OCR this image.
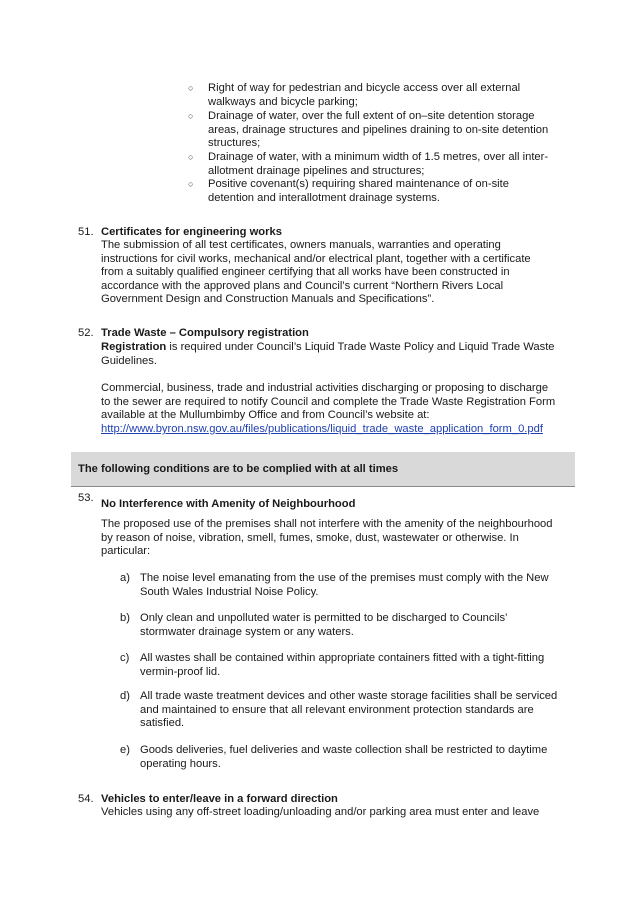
○ Right of way for pedestrian and bicycle access over all external walkways and bicycle parking;
○ Drainage of water, over the full extent of on–site detention storage areas, drainage structures and pipelines draining to on-site detention structures;
○ Drainage of water, with a minimum width of 1.5 metres, over all inter-allotment drainage pipelines and structures;
○ Positive covenant(s) requiring shared maintenance of on-site detention and interallotment drainage systems.
51. Certificates for engineering works
The submission of all test certificates, owners manuals, warranties and operating instructions for civil works, mechanical and/or electrical plant, together with a certificate from a suitably qualified engineer certifying that all works have been constructed in accordance with the approved plans and Council’s current “Northern Rivers Local Government Design and Construction Manuals and Specifications”.
52. Trade Waste – Compulsory registration
Registration is required under Council’s Liquid Trade Waste Policy and Liquid Trade Waste Guidelines.
Commercial, business, trade and industrial activities discharging or proposing to discharge to the sewer are required to notify Council and complete the Trade Waste Registration Form available at the Mullumbimby Office and from Council’s website at:
http://www.byron.nsw.gov.au/files/publications/liquid_trade_waste_application_form_0.pdf
The following conditions are to be complied with at all times
53. No Interference with Amenity of Neighbourhood
The proposed use of the premises shall not interfere with the amenity of the neighbourhood by reason of noise, vibration, smell, fumes, smoke, dust, wastewater or otherwise. In particular:
a) The noise level emanating from the use of the premises must comply with the New South Wales Industrial Noise Policy.
b) Only clean and unpolluted water is permitted to be discharged to Councils’ stormwater drainage system or any waters.
c) All wastes shall be contained within appropriate containers fitted with a tight-fitting vermin-proof lid.
d) All trade waste treatment devices and other waste storage facilities shall be serviced and maintained to ensure that all relevant environment protection standards are satisfied.
e) Goods deliveries, fuel deliveries and waste collection shall be restricted to daytime operating hours.
54. Vehicles to enter/leave in a forward direction
Vehicles using any off-street loading/unloading and/or parking area must enter and leave
